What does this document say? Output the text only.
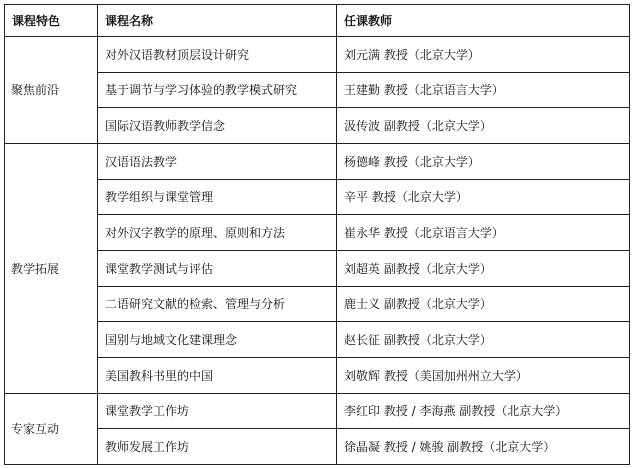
课程特色	课程名称	任课教师
聚焦前沿	对外汉语教材顶层设计研究	刘元满 教授（北京大学）
	基于调节与学习体验的教学模式研究	王建勤 教授（北京语言大学）
	国际汉语教师教学信念	汲传波 副教授（北京大学）
教学拓展	汉语语法教学	杨德峰 教授（北京大学）
	教学组织与课堂管理	辛平 教授（北京大学）
	对外汉字教学的原理、原则和方法	崔永华 教授（北京语言大学）
	课堂教学测试与评估	刘超英 副教授（北京大学）
	二语研究文献的检索、管理与分析	鹿士义 副教授（北京大学）
	国别与地域文化建课理念	赵长征 副教授（北京大学）
	美国教科书里的中国	刘敬辉 教授（美国加州州立大学）
专家互动	课堂教学工作坊	李红印 教授 / 李海燕 副教授（北京大学）
	教师发展工作坊	徐晶凝 教授 / 姚骏 副教授（北京大学）
